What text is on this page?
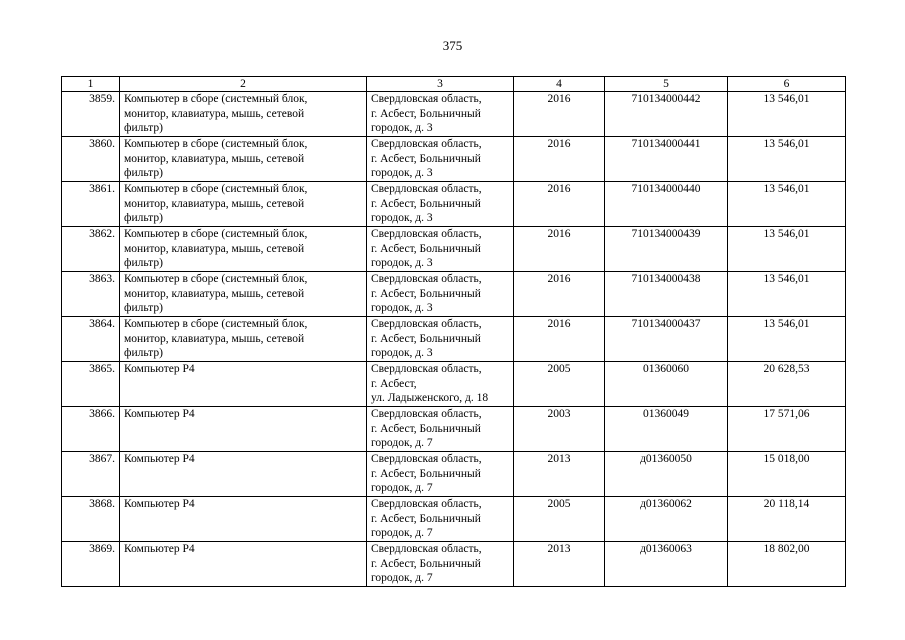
375
1	2	3	4	5	6

3859.	Компьютер в сборе (системный блок,
монитор, клавиатура, мышь, сетевой
фильтр)	Свердловская область,
г. Асбест, Больничный
городок, д. 3	2016	710134000442	13 546,01

3860.	Компьютер в сборе (системный блок,
монитор, клавиатура, мышь, сетевой
фильтр)	Свердловская область,
г. Асбест, Больничный
городок, д. 3	2016	710134000441	13 546,01

3861.	Компьютер в сборе (системный блок,
монитор, клавиатура, мышь, сетевой
фильтр)	Свердловская область,
г. Асбест, Больничный
городок, д. 3	2016	710134000440	13 546,01

3862.	Компьютер в сборе (системный блок,
монитор, клавиатура, мышь, сетевой
фильтр)	Свердловская область,
г. Асбест, Больничный
городок, д. 3	2016	710134000439	13 546,01

3863.	Компьютер в сборе (системный блок,
монитор, клавиатура, мышь, сетевой
фильтр)	Свердловская область,
г. Асбест, Больничный
городок, д. 3	2016	710134000438	13 546,01

3864.	Компьютер в сборе (системный блок,
монитор, клавиатура, мышь, сетевой
фильтр)	Свердловская область,
г. Асбест, Больничный
городок, д. 3	2016	710134000437	13 546,01

3865.	Компьютер Р4	Свердловская область,
г. Асбест,
ул. Ладыженского, д. 18	2005	01360060	20 628,53

3866.	Компьютер Р4	Свердловская область,
г. Асбест, Больничный
городок, д. 7	2003	01360049	17 571,06

3867.	Компьютер Р4	Свердловская область,
г. Асбест, Больничный
городок, д. 7	2013	д01360050	15 018,00

3868.	Компьютер Р4	Свердловская область,
г. Асбест, Больничный
городок, д. 7	2005	д01360062	20 118,14

3869.	Компьютер Р4	Свердловская область,
г. Асбест, Больничный
городок, д. 7	2013	д01360063	18 802,00
